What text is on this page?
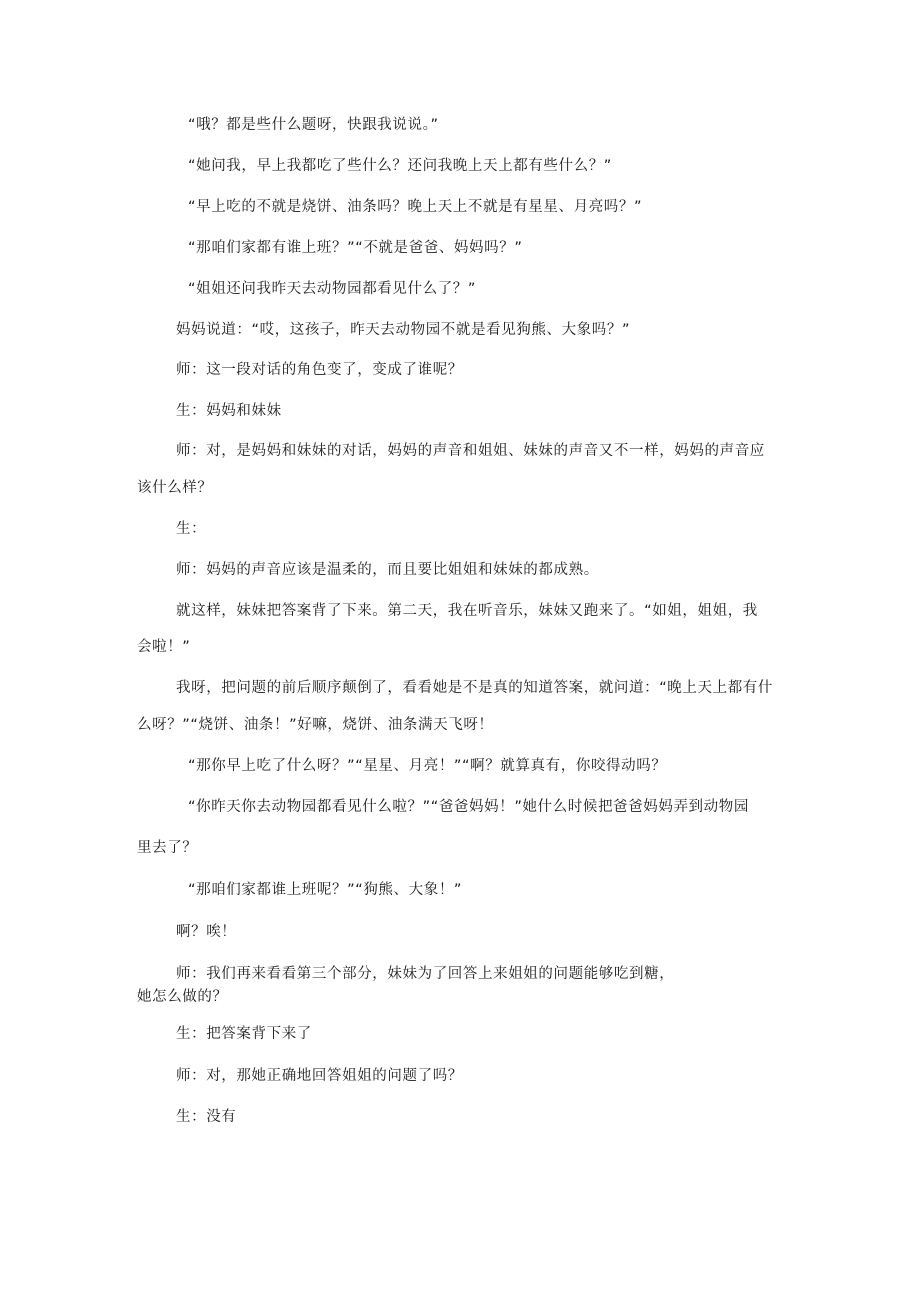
“哦？都是些什么题呀，快跟我说说。”
“她问我，早上我都吃了些什么？还问我晚上天上都有些什么？”
“早上吃的不就是烧饼、油条吗？晚上天上不就是有星星、月亮吗？”
“那咱们家都有谁上班？”“不就是爸爸、妈妈吗？”
“姐姐还问我昨天去动物园都看见什么了？”
妈妈说道：“哎，这孩子，昨天去动物园不就是看见狗熊、大象吗？”
师：这一段对话的角色变了，变成了谁呢？
生：妈妈和妹妹
师：对，是妈妈和妹妹的对话，妈妈的声音和姐姐、妹妹的声音又不一样，妈妈的声音应
该什么样？
生：
师：妈妈的声音应该是温柔的，而且要比姐姐和妹妹的都成熟。
就这样，妹妹把答案背了下来。第二天，我在听音乐，妹妹又跑来了。“如姐，姐姐，我
会啦！”
我呀，把问题的前后顺序颠倒了，看看她是不是真的知道答案，就问道：“晚上天上都有什
么呀？”“烧饼、油条！”好嘛，烧饼、油条满天飞呀！
“那你早上吃了什么呀？”“星星、月亮！”“啊？就算真有，你咬得动吗？
“你昨天你去动物园都看见什么啦？”“爸爸妈妈！”她什么时候把爸爸妈妈弄到动物园
里去了？
“那咱们家都谁上班呢？”“狗熊、大象！”
啊？唉！
师：我们再来看看第三个部分，妹妹为了回答上来姐姐的问题能够吃到糖，
她怎么做的？
生：把答案背下来了
师：对，那她正确地回答姐姐的问题了吗？
生：没有
